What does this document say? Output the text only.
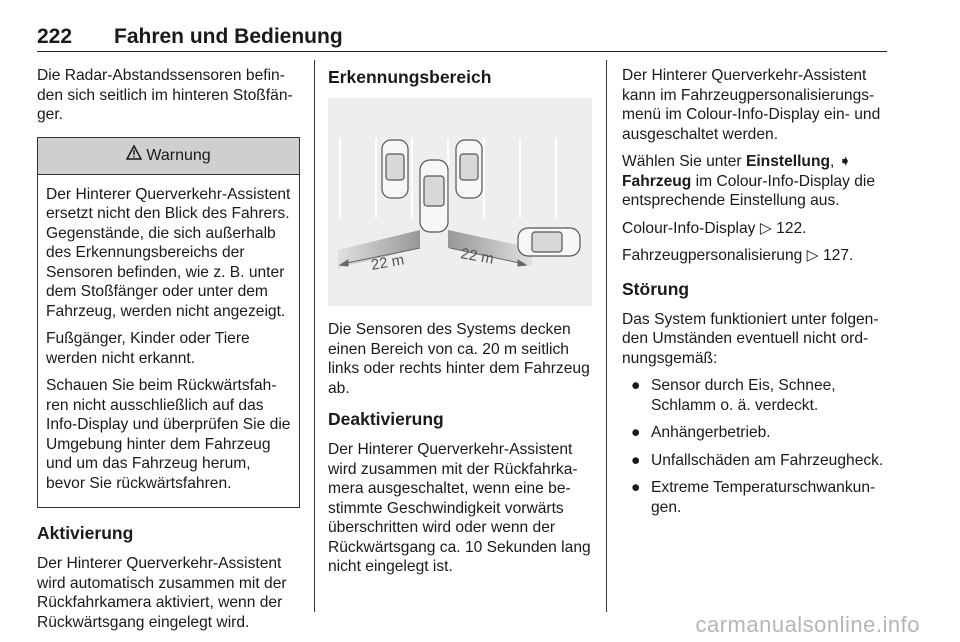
222 Fahren und Bedienung

Die Radar-Abstandssensoren befinden sich seitlich im hinteren Stoßfänger.

Warnung

Der Hinterer Querverkehr-Assistent ersetzt nicht den Blick des Fahrers. Gegenstände, die sich außerhalb des Erkennungsbereichs der Sensoren befinden, wie z. B. unter dem Stoßfänger oder unter dem Fahrzeug, werden nicht angezeigt.

Fußgänger, Kinder oder Tiere werden nicht erkannt.

Schauen Sie beim Rückwärtsfahren nicht ausschließlich auf das Info-Display und überprüfen Sie die Umgebung hinter dem Fahrzeug und um das Fahrzeug herum, bevor Sie rückwärtsfahren.

Aktivierung

Der Hinterer Querverkehr-Assistent wird automatisch zusammen mit der Rückfahrkamera aktiviert, wenn der Rückwärtsgang eingelegt wird.

Erkennungsbereich
22 m	22 m

Die Sensoren des Systems decken einen Bereich von ca. 20 m seitlich links oder rechts hinter dem Fahrzeug ab.

Deaktivierung

Der Hinterer Querverkehr-Assistent wird zusammen mit der Rückfahrkamera ausgeschaltet, wenn eine bestimmte Geschwindigkeit vorwärts überschritten wird oder wenn der Rückwärtsgang ca. 10 Sekunden lang nicht eingelegt ist.

Der Hinterer Querverkehr-Assistent kann im Fahrzeugpersonalisierungsmenü im Colour-Info-Display ein- und ausgeschaltet werden.

Wählen Sie unter Einstellung, ➧ Fahrzeug im Colour-Info-Display die entsprechende Einstellung aus.

Colour-Info-Display ▷ 122.

Fahrzeugpersonalisierung ▷ 127.

Störung

Das System funktioniert unter folgenden Umständen eventuell nicht ordnungsgemäß:

● Sensor durch Eis, Schnee, Schlamm o. ä. verdeckt.
● Anhängerbetrieb.
● Unfallschäden am Fahrzeugheck.
● Extreme Temperaturschwankungen.
carmanualsonline.info
